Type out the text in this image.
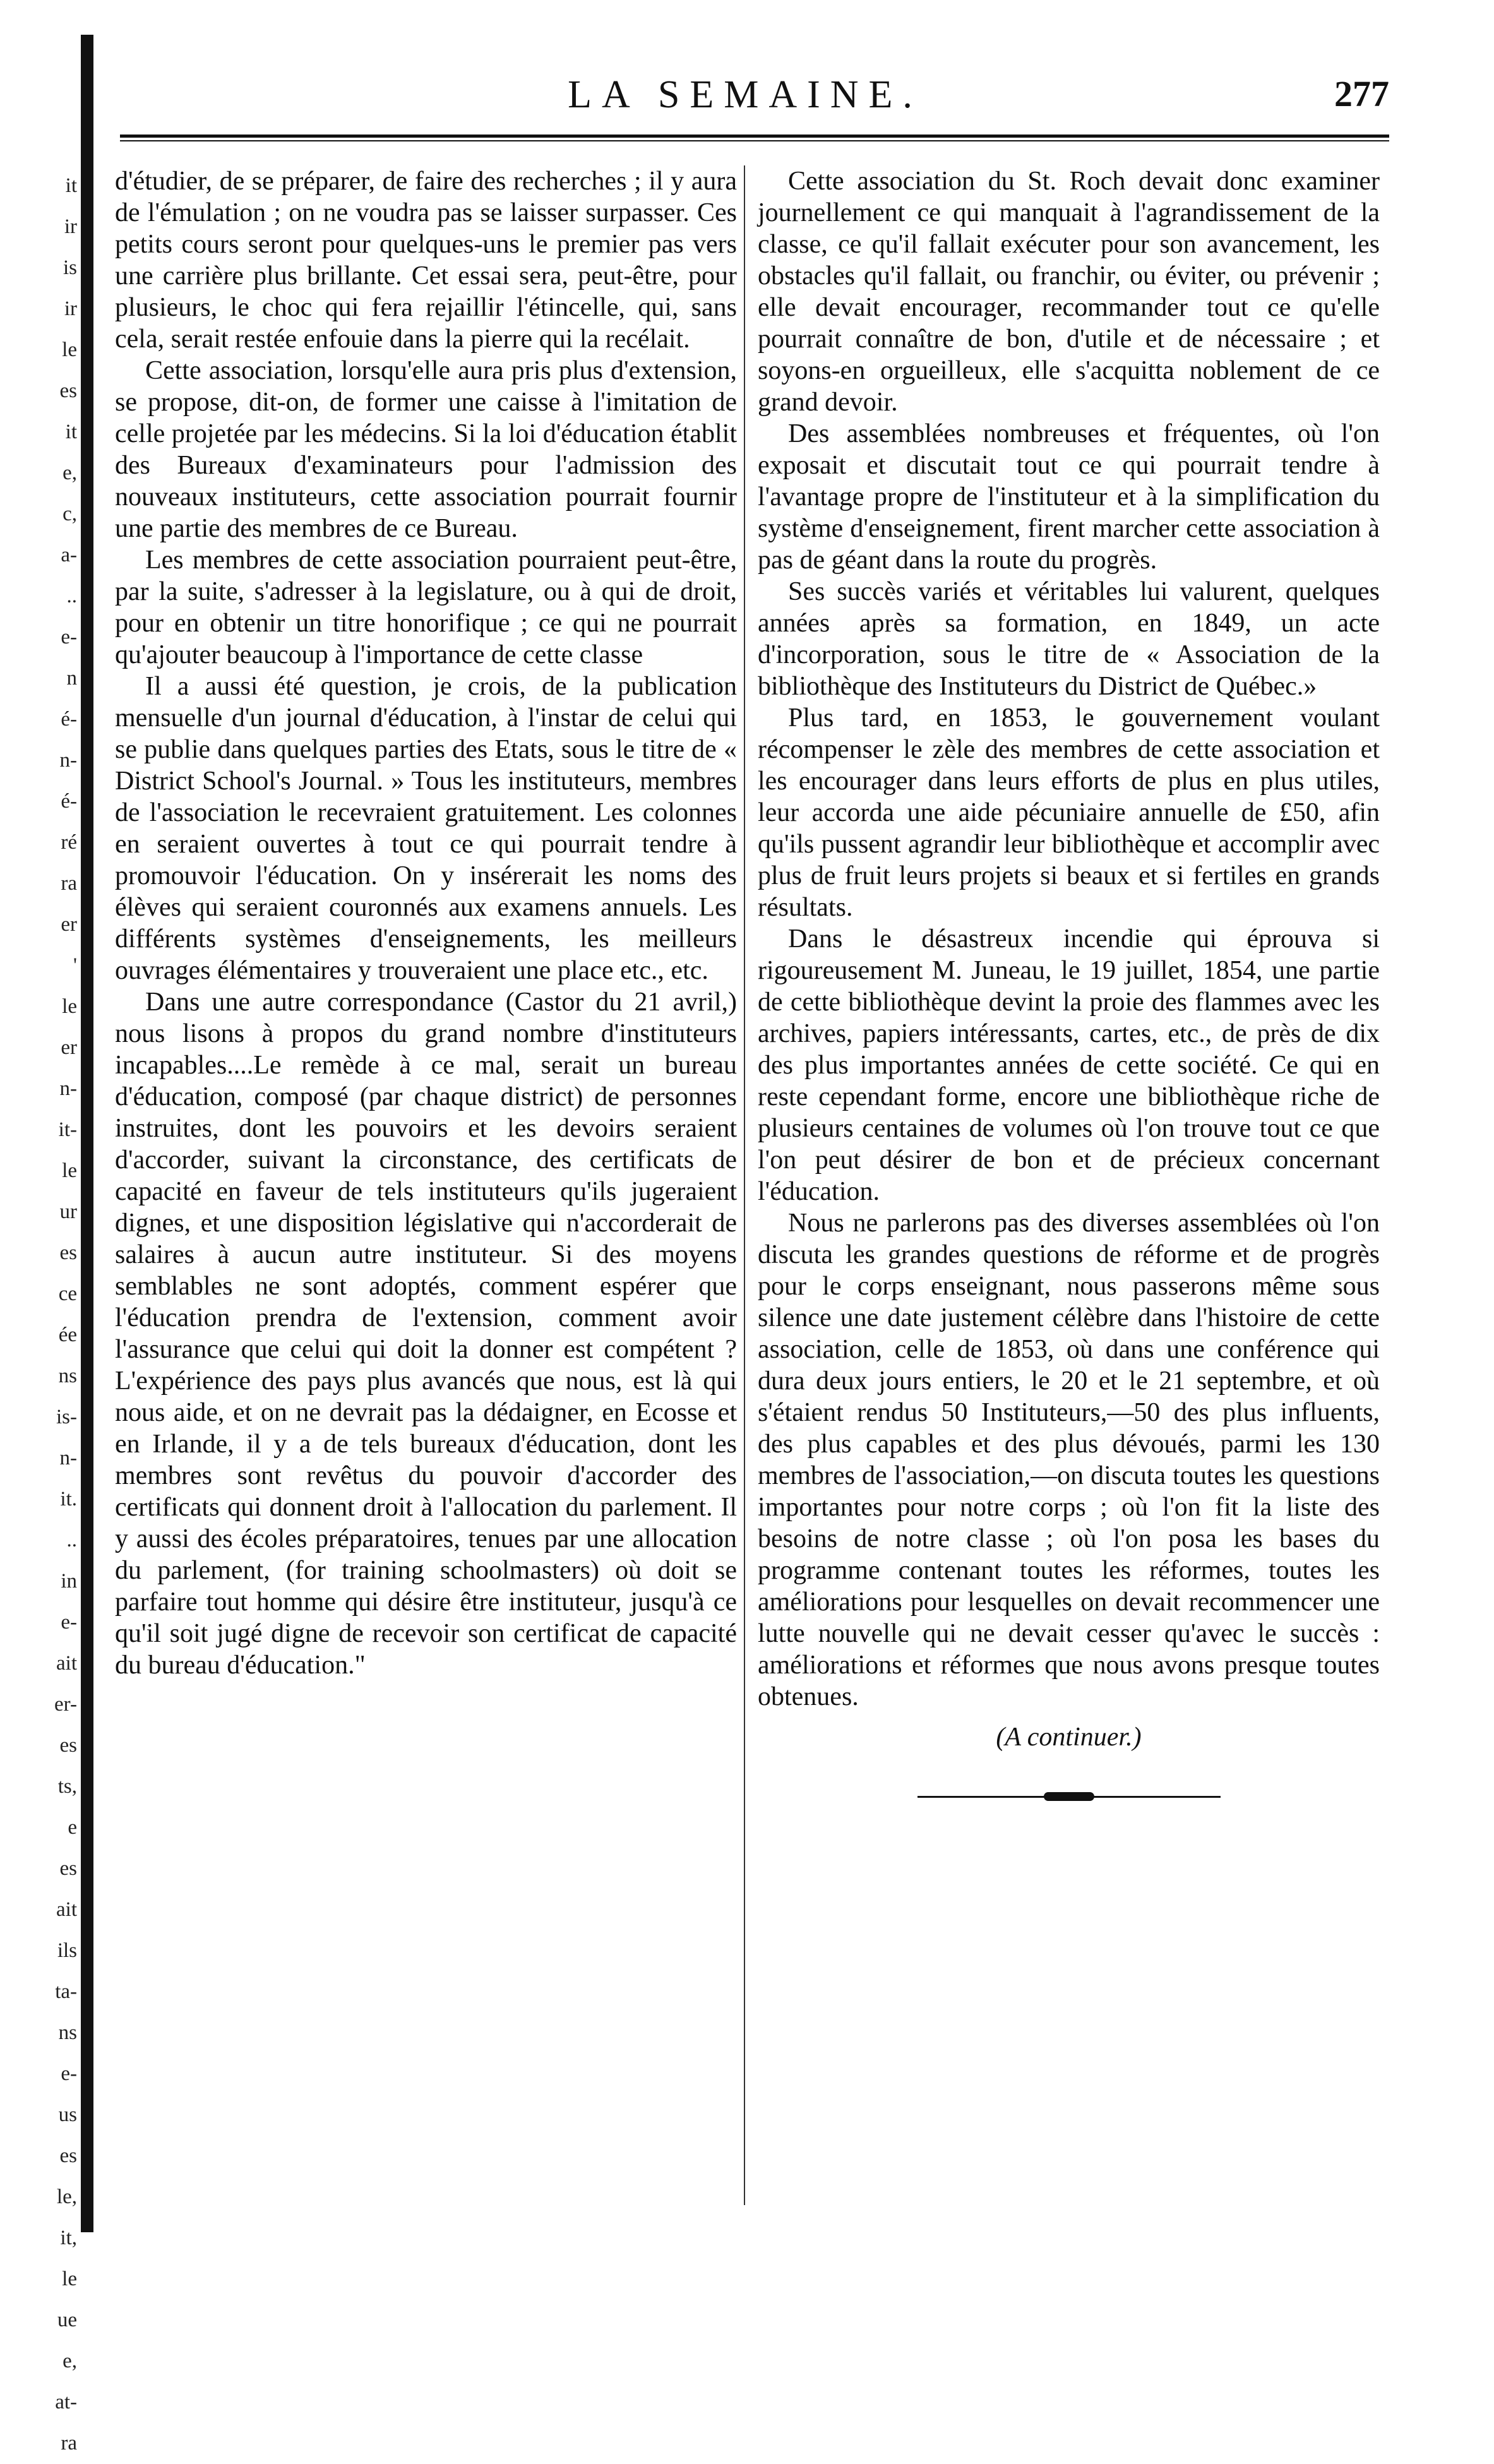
it
ir
is
ir
le
es
it
e,
c,
a-
..
e-
n
é-
n-
é-
ré
ra
er
'
le
er
n-
it-
le
ur
es
ce
ée
ns
is-
n-
it.
..
in
e-
ait
er-
es
ts,
e
es
ait
ils
ta-
ns
e-
us
es
le,
it,
le
ue
e,
at-
ra
LA SEMAINE.	277

d'étudier, de se préparer, de faire des recherches ; il y aura de l'émulation ; on ne voudra pas se laisser surpasser. Ces petits cours seront pour quelques-uns le premier pas vers une carrière plus brillante. Cet essai sera, peut-être, pour plusieurs, le choc qui fera rejaillir l'étincelle, qui, sans cela, serait restée enfouie dans la pierre qui la recélait.

Cette association, lorsqu'elle aura pris plus d'extension, se propose, dit-on, de former une caisse à l'imitation de celle projetée par les médecins. Si la loi d'éducation établit des Bureaux d'examinateurs pour l'admission des nouveaux instituteurs, cette association pourrait fournir une partie des membres de ce Bureau.

Les membres de cette association pourraient peut-être, par la suite, s'adresser à la legislature, ou à qui de droit, pour en obtenir un titre honorifique ; ce qui ne pourrait qu'ajouter beaucoup à l'importance de cette classe

Il a aussi été question, je crois, de la publication mensuelle d'un journal d'éducation, à l'instar de celui qui se publie dans quelques parties des Etats, sous le titre de « District School's Journal. » Tous les instituteurs, membres de l'association le recevraient gratuitement. Les colonnes en seraient ouvertes à tout ce qui pourrait tendre à promouvoir l'éducation. On y insérerait les noms des élèves qui seraient couronnés aux examens annuels. Les différents systèmes d'enseignements, les meilleurs ouvrages élémentaires y trouveraient une place etc., etc.

Dans une autre correspondance (Castor du 21 avril,) nous lisons à propos du grand nombre d'instituteurs incapables....Le remède à ce mal, serait un bureau d'éducation, composé (par chaque district) de personnes instruites, dont les pouvoirs et les devoirs seraient d'accorder, suivant la circonstance, des certificats de capacité en faveur de tels instituteurs qu'ils jugeraient dignes, et une disposition législative qui n'accorderait de salaires à aucun autre instituteur. Si des moyens semblables ne sont adoptés, comment espérer que l'éducation prendra de l'extension, comment avoir l'assurance que celui qui doit la donner est compétent ? L'expérience des pays plus avancés que nous, est là qui nous aide, et on ne devrait pas la dédaigner, en Ecosse et en Irlande, il y a de tels bureaux d'éducation, dont les membres sont revêtus du pouvoir d'accorder des certificats qui donnent droit à l'allocation du parlement. Il y aussi des écoles préparatoires, tenues par une allocation du parlement, (for training schoolmasters) où doit se parfaire tout homme qui désire être instituteur, jusqu'à ce qu'il soit jugé digne de recevoir son certificat de capacité du bureau d'éducation."

Cette association du St. Roch devait donc examiner journellement ce qui manquait à l'agrandissement de la classe, ce qu'il fallait exécuter pour son avancement, les obstacles qu'il fallait, ou franchir, ou éviter, ou prévenir ; elle devait encourager, recommander tout ce qu'elle pourrait connaître de bon, d'utile et de nécessaire ; et soyons-en orgueilleux, elle s'acquitta noblement de ce grand devoir.

Des assemblées nombreuses et fréquentes, où l'on exposait et discutait tout ce qui pourrait tendre à l'avantage propre de l'instituteur et à la simplification du système d'enseignement, firent marcher cette association à pas de géant dans la route du progrès.

Ses succès variés et véritables lui valurent, quelques années après sa formation, en 1849, un acte d'incorporation, sous le titre de « Association de la bibliothèque des Instituteurs du District de Québec.»

Plus tard, en 1853, le gouvernement voulant récompenser le zèle des membres de cette association et les encourager dans leurs efforts de plus en plus utiles, leur accorda une aide pécuniaire annuelle de £50, afin qu'ils pussent agrandir leur bibliothèque et accomplir avec plus de fruit leurs projets si beaux et si fertiles en grands résultats.

Dans le désastreux incendie qui éprouva si rigoureusement M. Juneau, le 19 juillet, 1854, une partie de cette bibliothèque devint la proie des flammes avec les archives, papiers intéressants, cartes, etc., de près de dix des plus importantes années de cette société. Ce qui en reste cependant forme, encore une bibliothèque riche de plusieurs centaines de volumes où l'on trouve tout ce que l'on peut désirer de bon et de précieux concernant l'éducation.

Nous ne parlerons pas des diverses assemblées où l'on discuta les grandes questions de réforme et de progrès pour le corps enseignant, nous passerons même sous silence une date justement célèbre dans l'histoire de cette association, celle de 1853, où dans une conférence qui dura deux jours entiers, le 20 et le 21 septembre, et où s'étaient rendus 50 Instituteurs,—50 des plus influents, des plus capables et des plus dévoués, parmi les 130 membres de l'association,—on discuta toutes les questions importantes pour notre corps ; où l'on fit la liste des besoins de notre classe ; où l'on posa les bases du programme contenant toutes les réformes, toutes les améliorations pour lesquelles on devait recommencer une lutte nouvelle qui ne devait cesser qu'avec le succès : améliorations et réformes que nous avons presque toutes obtenues.

(A continuer.)
